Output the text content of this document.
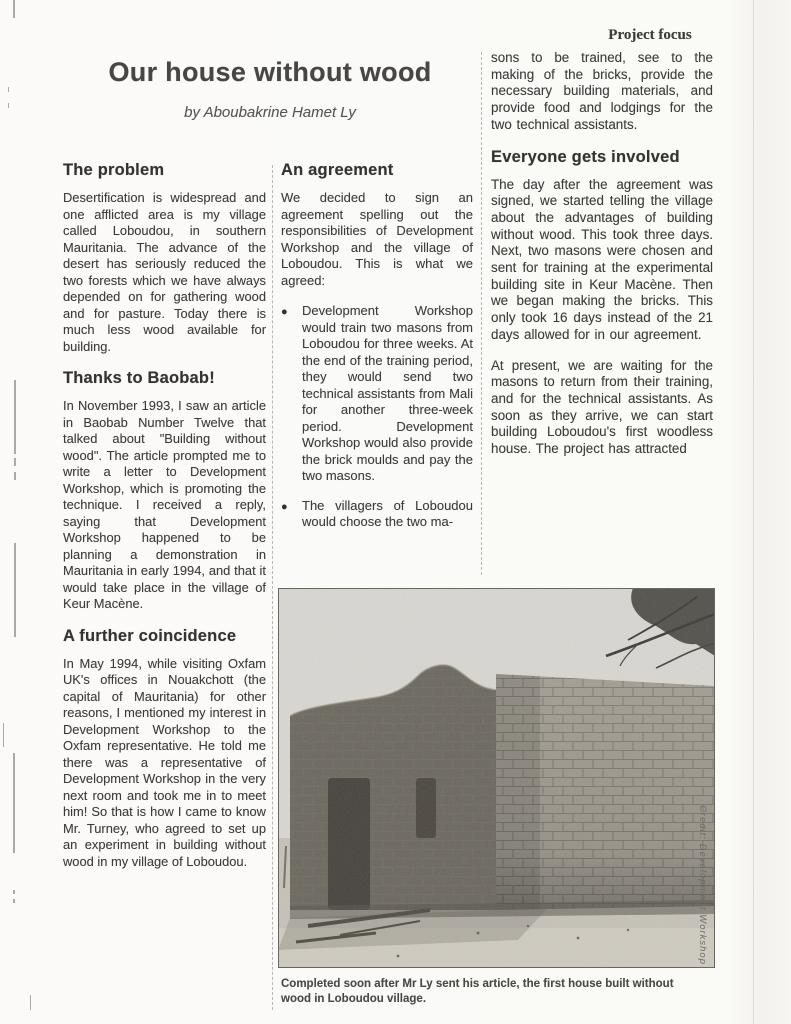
Project focus
Our house without wood
by Aboubakrine Hamet Ly
The problem

Desertification is widespread and one afflicted area is my village called Loboudou, in southern Mauritania. The advance of the desert has seriously reduced the two forests which we have always depended on for gathering wood and for pasture. Today there is much less wood available for building.

Thanks to Baobab!

In November 1993, I saw an article in Baobab Number Twelve that talked about "Building without wood". The article prompted me to write a letter to Development Workshop, which is promoting the technique. I received a reply, saying that Development Workshop happened to be planning a demonstration in Mauritania in early 1994, and that it would take place in the village of Keur Macène.

A further coincidence

In May 1994, while visiting Oxfam UK's offices in Nouakchott (the capital of Mauritania) for other reasons, I mentioned my interest in Development Workshop to the Oxfam representative. He told me there was a representative of Development Workshop in the very next room and took me in to meet him! So that is how I came to know Mr. Turney, who agreed to set up an experiment in building without wood in my village of Loboudou.

An agreement

We decided to sign an agreement spelling out the responsibilities of Development Workshop and the village of Loboudou. This is what we agreed:

● Development Workshop would train two masons from Loboudou for three weeks. At the end of the training period, they would send two technical assistants from Mali for another three-week period. Development Workshop would also provide the brick moulds and pay the two masons.
● The villagers of Loboudou would choose the two ma-

sons to be trained, see to the making of the bricks, provide the necessary building materials, and provide food and lodgings for the two technical assistants.

Everyone gets involved

The day after the agreement was signed, we started telling the village about the advantages of building without wood. This took three days. Next, two masons were chosen and sent for training at the experimental building site in Keur Macène. Then we began making the bricks. This only took 16 days instead of the 21 days allowed for in our agreement.

At present, we are waiting for the masons to return from their training, and for the technical assistants. As soon as they arrive, we can start building Loboudou's first woodless house. The project has attracted

Credit: Development Workshop
Completed soon after Mr Ly sent his article, the first house built without wood in Loboudou village.
